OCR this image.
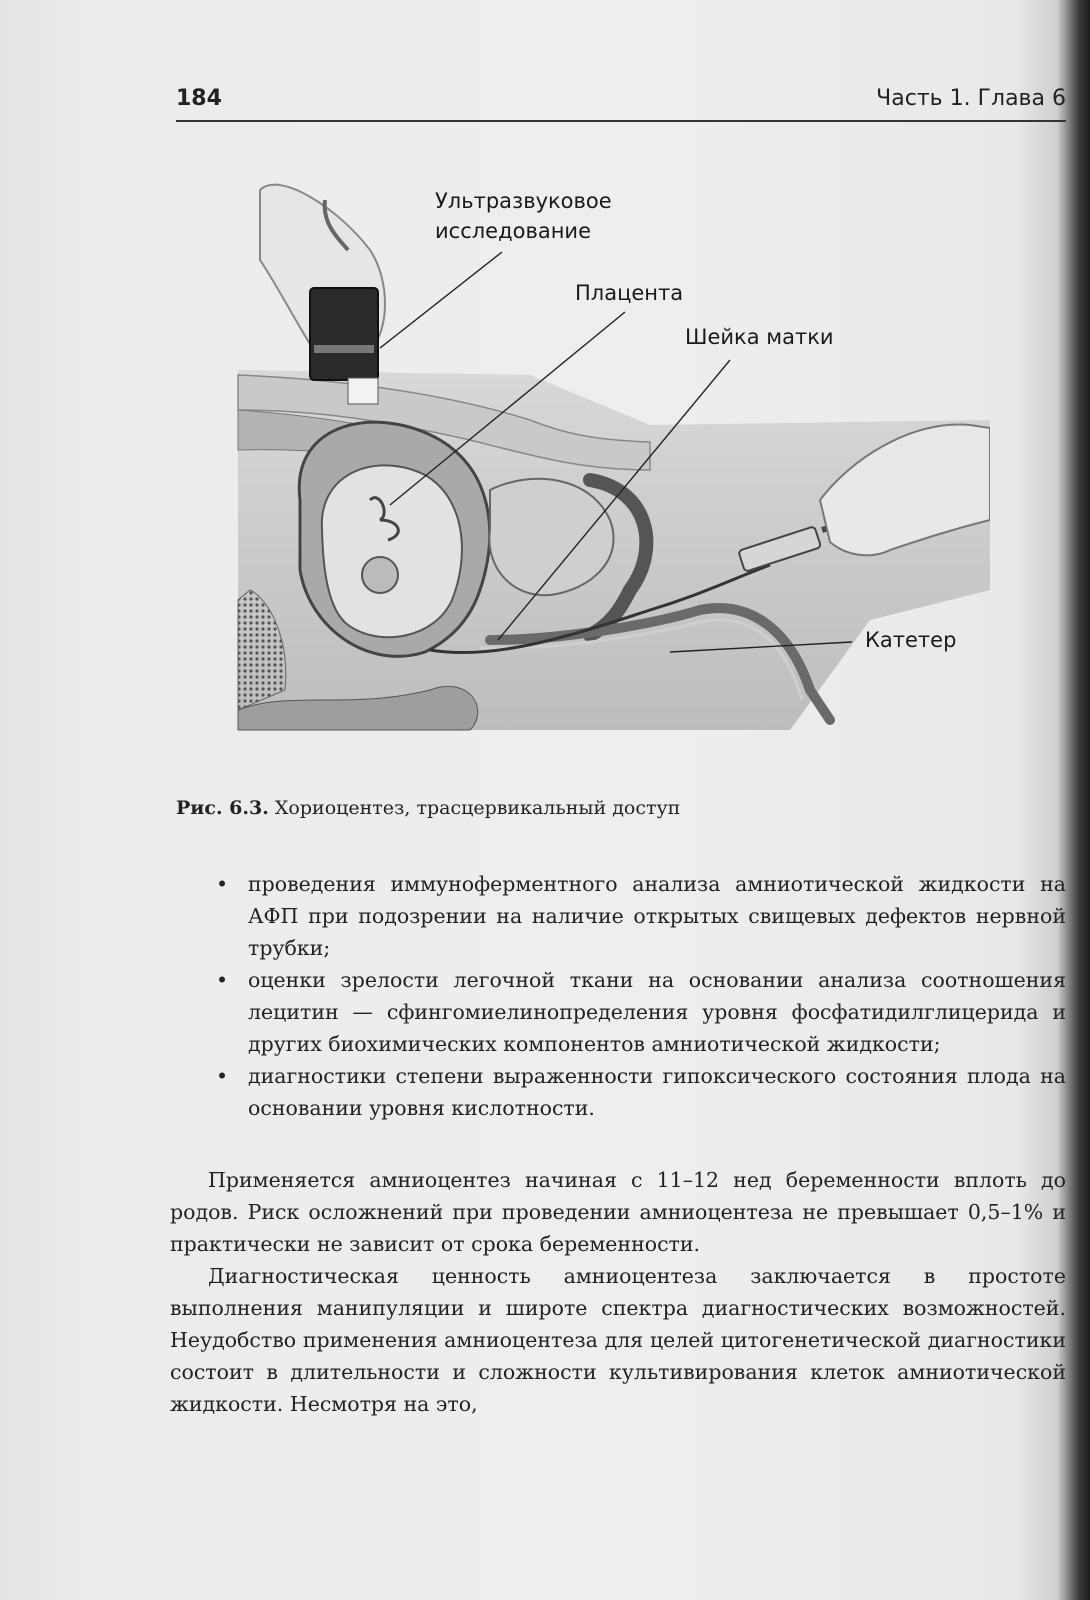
184	Часть 1. Глава 6
Ультразвуковое
исследование
Плацента
Шейка матки
Катетер
Рис. 6.3. Хориоцентез, трасцервикальный доступ
• проведения иммуноферментного анализа амниотической жидкости на АФП при подозрении на наличие открытых свищевых дефектов нервной трубки;
• оценки зрелости легочной ткани на основании анализа соотношения лецитин — сфингомиелинопределения уровня фосфатидилглицерида и других биохимических компонентов амниотической жидкости;
• диагностики степени выраженности гипоксического состояния плода на основании уровня кислотности.
Применяется амниоцентез начиная с 11–12 нед беременности вплоть до родов. Риск осложнений при проведении амниоцентеза не превышает 0,5–1% и практически не зависит от срока беременности.
Диагностическая ценность амниоцентеза заключается в простоте выполнения манипуляции и широте спектра диагностических возможностей. Неудобство применения амниоцентеза для целей цитогенетической диагностики состоит в длительности и сложности культивирования клеток амниотической жидкости. Несмотря на это,
